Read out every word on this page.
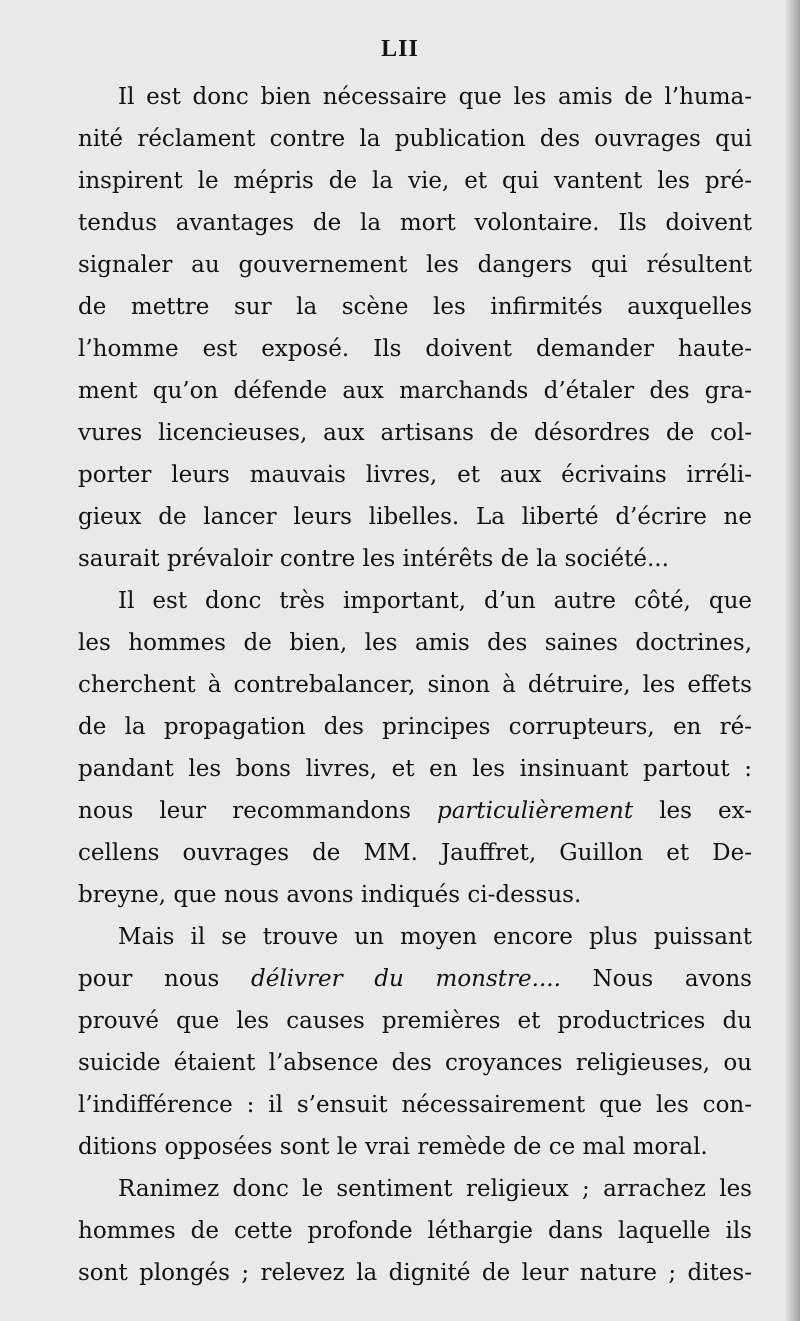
LII
Il est donc bien nécessaire que les amis de l’huma-
nité réclament contre la publication des ouvrages qui
inspirent le mépris de la vie, et qui vantent les pré-
tendus avantages de la mort volontaire. Ils doivent
signaler au gouvernement les dangers qui résultent
de mettre sur la scène les infirmités auxquelles
l’homme est exposé. Ils doivent demander haute-
ment qu’on défende aux marchands d’étaler des gra-
vures licencieuses, aux artisans de désordres de col-
porter leurs mauvais livres, et aux écrivains irréli-
gieux de lancer leurs libelles. La liberté d’écrire ne
saurait prévaloir contre les intérêts de la société...
Il est donc très important, d’un autre côté, que
les hommes de bien, les amis des saines doctrines,
cherchent à contrebalancer, sinon à détruire, les effets
de la propagation des principes corrupteurs, en ré-
pandant les bons livres, et en les insinuant partout :
nous leur recommandons particulièrement les ex-
cellens ouvrages de MM. Jauffret, Guillon et De-
breyne, que nous avons indiqués ci-dessus.
Mais il se trouve un moyen encore plus puissant
pour nous délivrer du monstre.... Nous avons
prouvé que les causes premières et productrices du
suicide étaient l’absence des croyances religieuses, ou
l’indifférence : il s’ensuit nécessairement que les con-
ditions opposées sont le vrai remède de ce mal moral.
Ranimez donc le sentiment religieux ; arrachez les
hommes de cette profonde léthargie dans laquelle ils
sont plongés ; relevez la dignité de leur nature ; dites-
